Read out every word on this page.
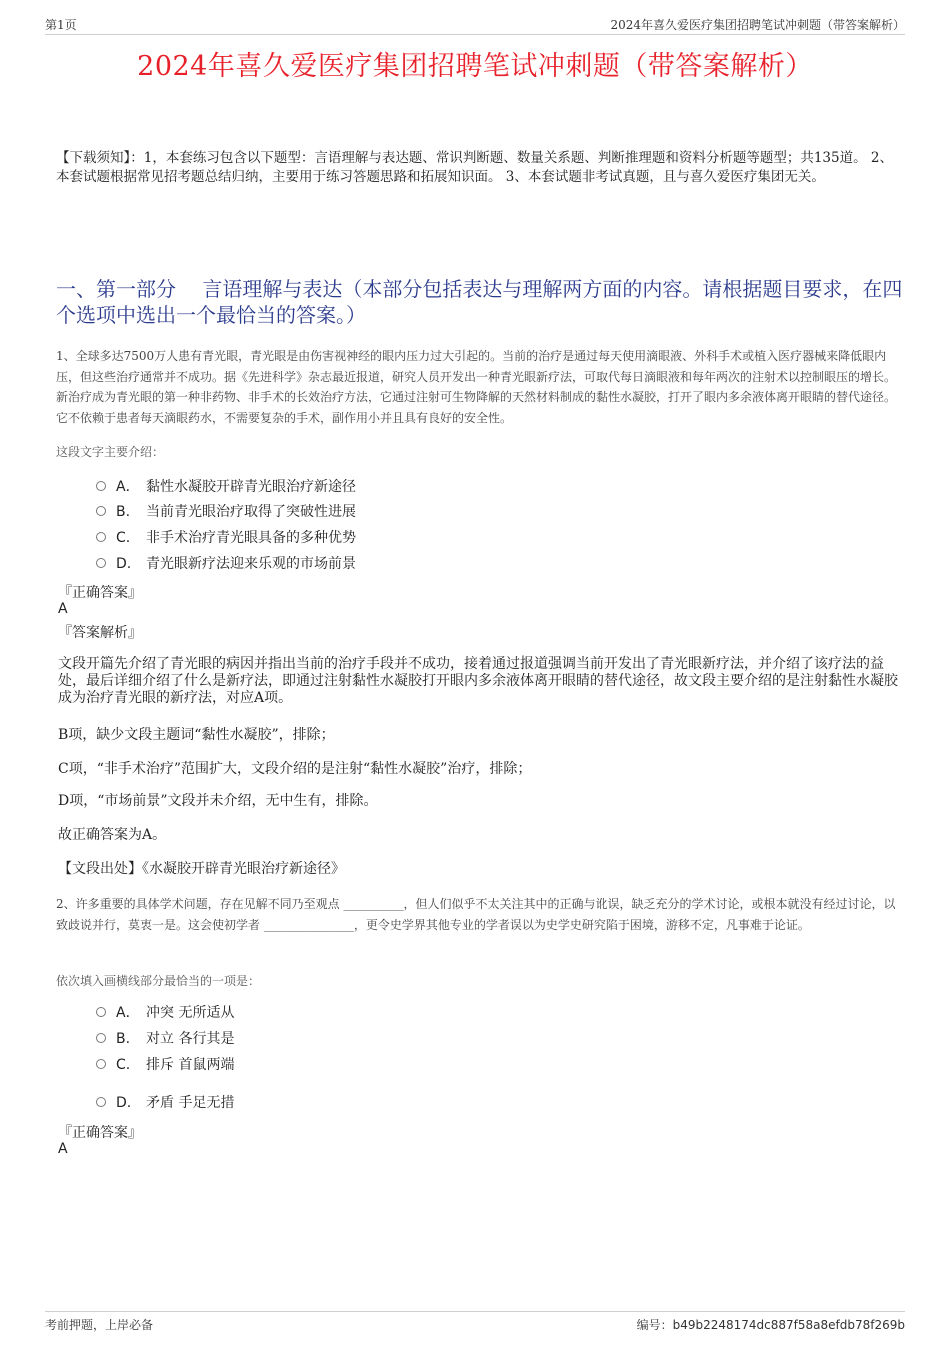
第1页	2024年喜久爱医疗集团招聘笔试冲刺题（带答案解析）
2024年喜久爱医疗集团招聘笔试冲刺题（带答案解析）
【下载须知】：1，本套练习包含以下题型：言语理解与表达题、常识判断题、数量关系题、判断推理题和资料分析题等题型；共135道。 2、本套试题根据常见招考题总结归纳，主要用于练习答题思路和拓展知识面。 3、本套试题非考试真题，且与喜久爱医疗集团无关。
一、第一部分　 言语理解与表达（本部分包括表达与理解两方面的内容。请根据题目要求，在四个选项中选出一个最恰当的答案。）
1、全球多达7500万人患有青光眼，青光眼是由伤害视神经的眼内压力过大引起的。当前的治疗是通过每天使用滴眼液、外科手术或植入医疗器械来降低眼内压，但这些治疗通常并不成功。据《先进科学》杂志最近报道，研究人员开发出一种青光眼新疗法，可取代每日滴眼液和每年两次的注射术以控制眼压的增长。新治疗成为青光眼的第一种非药物、非手术的长效治疗方法，它通过注射可生物降解的天然材料制成的黏性水凝胶，打开了眼内多余液体离开眼睛的替代途径。它不依赖于患者每天滴眼药水，不需要复杂的手术，副作用小并且具有良好的安全性。
这段文字主要介绍：
A． 黏性水凝胶开辟青光眼治疗新途径
B. 当前青光眼治疗取得了突破性进展
C. 非手术治疗青光眼具备的多种优势
D. 青光眼新疗法迎来乐观的市场前景
『正确答案』
A
『答案解析』
文段开篇先介绍了青光眼的病因并指出当前的治疗手段并不成功，接着通过报道强调当前开发出了青光眼新疗法，并介绍了该疗法的益处，最后详细介绍了什么是新疗法，即通过注射黏性水凝胶打开眼内多余液体离开眼睛的替代途径，故文段主要介绍的是注射黏性水凝胶成为治疗青光眼的新疗法，对应A项。
B项，缺少文段主题词“黏性水凝胶”，排除；
C项，“非手术治疗”范围扩大，文段介绍的是注射“黏性水凝胶”治疗，排除；
D项，“市场前景”文段并未介绍，无中生有，排除。
故正确答案为A。
【文段出处】《水凝胶开辟青光眼治疗新途径》
2、许多重要的具体学术问题，存在见解不同乃至观点 __________，但人们似乎不太关注其中的正确与讹误，缺乏充分的学术讨论，或根本就没有经过讨论，以致歧说并行，莫衷一是。这会使初学者 _______________，更令史学界其他专业的学者误以为史学史研究陷于困境，游移不定，凡事难于论证。
依次填入画横线部分最恰当的一项是：
A． 冲突 无所适从
B. 对立 各行其是
C. 排斥 首鼠两端
D. 矛盾 手足无措
『正确答案』
A
考前押题，上岸必备	编号：b49b2248174dc887f58a8efdb78f269b
